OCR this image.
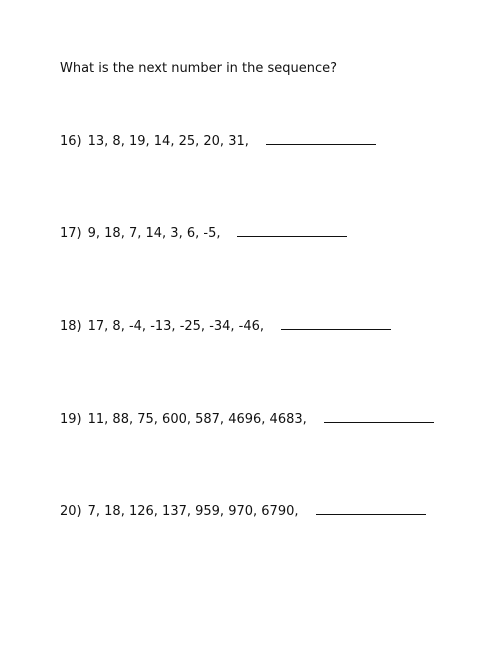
What is the next number in the sequence?
16) 13, 8, 19, 14, 25, 20, 31,
17) 9, 18, 7, 14, 3, 6, -5,
18) 17, 8, -4, -13, -25, -34, -46,
19) 11, 88, 75, 600, 587, 4696, 4683,
20) 7, 18, 126, 137, 959, 970, 6790,
